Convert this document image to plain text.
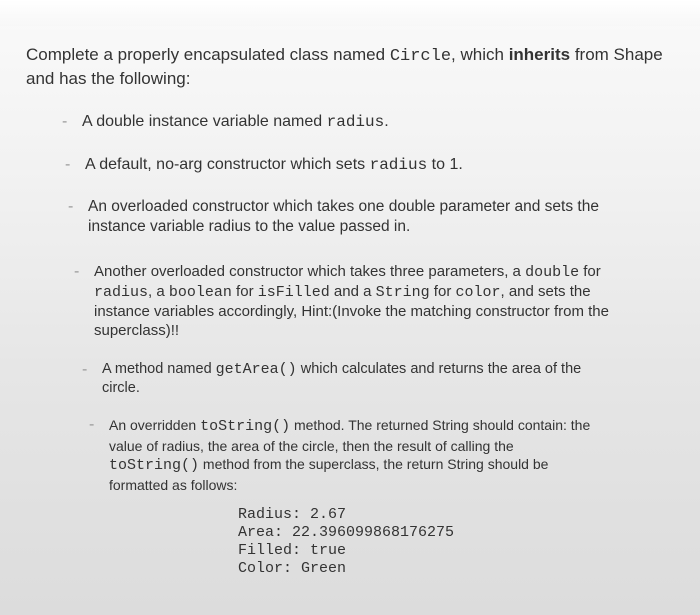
Complete a properly encapsulated class named Circle, which inherits from Shape and has the following:
- A double instance variable named radius.

- A default, no-arg constructor which sets radius to 1.

- An overloaded constructor which takes one double parameter and sets the instance variable radius to the value passed in.

- Another overloaded constructor which takes three parameters, a double for radius, a boolean for isFilled and a String for color, and sets the instance variables accordingly, Hint:(Invoke the matching constructor from the superclass)!!

- A method named getArea() which calculates and returns the area of the circle.

- An overridden toString() method. The returned String should contain: the value of radius, the area of the circle, then the result of calling the toString() method from the superclass, the return String should be formatted as follows:

Radius: 2.67
Area: 22.396099868176275
Filled: true
Color: Green
